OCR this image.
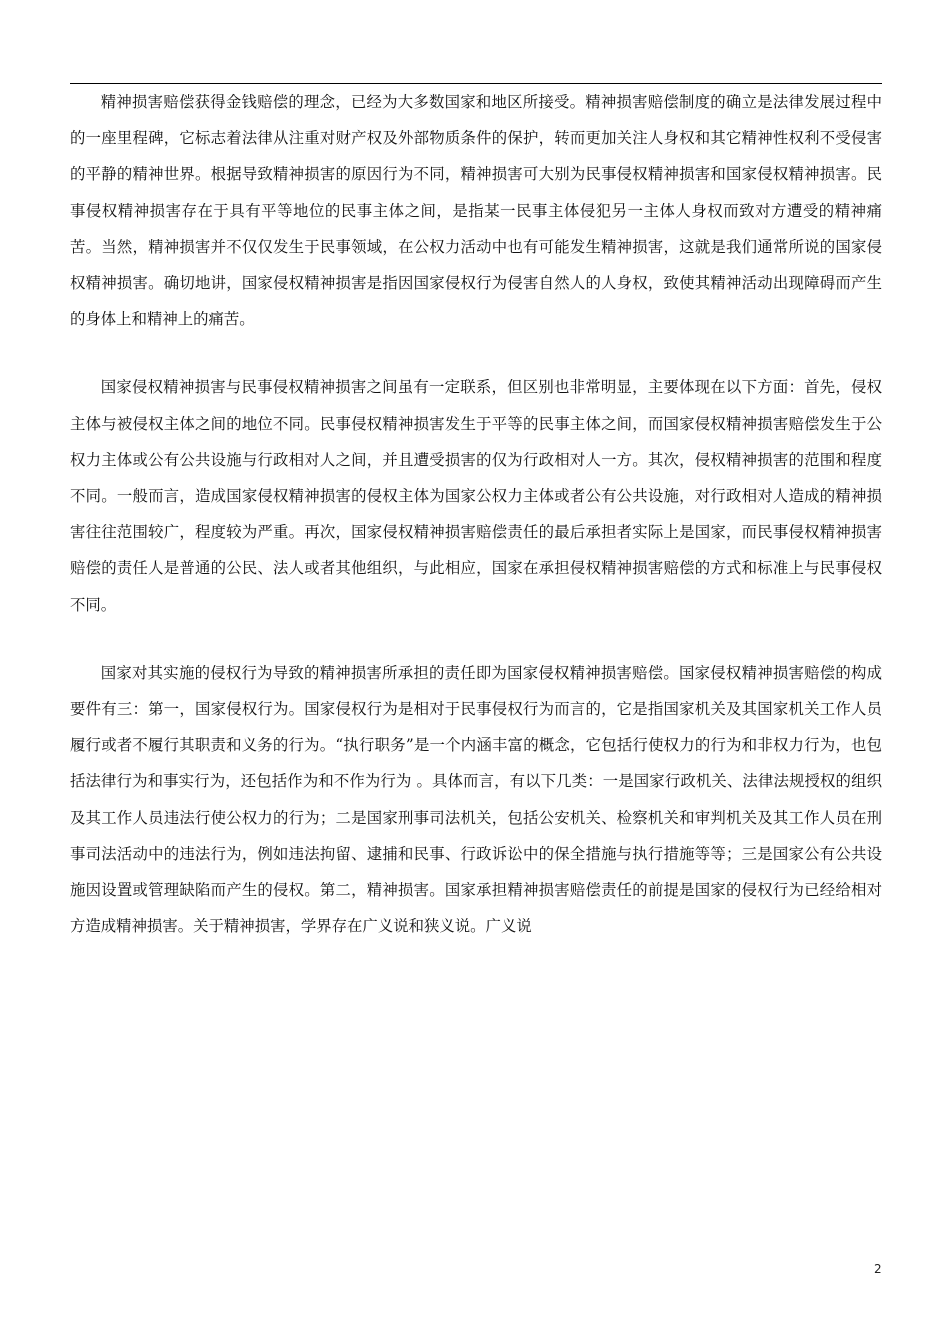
精神损害赔偿获得金钱赔偿的理念，已经为大多数国家和地区所接受。精神损害赔偿制度的确立是法律发展过程中的一座里程碑，它标志着法律从注重对财产权及外部物质条件的保护，转而更加关注人身权和其它精神性权利不受侵害的平静的精神世界。根据导致精神损害的原因行为不同，精神损害可大别为民事侵权精神损害和国家侵权精神损害。民事侵权精神损害存在于具有平等地位的民事主体之间，是指某一民事主体侵犯另一主体人身权而致对方遭受的精神痛苦。当然，精神损害并不仅仅发生于民事领域，在公权力活动中也有可能发生精神损害，这就是我们通常所说的国家侵权精神损害。确切地讲，国家侵权精神损害是指因国家侵权行为侵害自然人的人身权，致使其精神活动出现障碍而产生的身体上和精神上的痛苦。

国家侵权精神损害与民事侵权精神损害之间虽有一定联系，但区别也非常明显，主要体现在以下方面：首先，侵权主体与被侵权主体之间的地位不同。民事侵权精神损害发生于平等的民事主体之间，而国家侵权精神损害赔偿发生于公权力主体或公有公共设施与行政相对人之间，并且遭受损害的仅为行政相对人一方。其次，侵权精神损害的范围和程度不同。一般而言，造成国家侵权精神损害的侵权主体为国家公权力主体或者公有公共设施，对行政相对人造成的精神损害往往范围较广，程度较为严重。再次，国家侵权精神损害赔偿责任的最后承担者实际上是国家，而民事侵权精神损害赔偿的责任人是普通的公民、法人或者其他组织，与此相应，国家在承担侵权精神损害赔偿的方式和标准上与民事侵权不同。

国家对其实施的侵权行为导致的精神损害所承担的责任即为国家侵权精神损害赔偿。国家侵权精神损害赔偿的构成要件有三：第一，国家侵权行为。国家侵权行为是相对于民事侵权行为而言的，它是指国家机关及其国家机关工作人员履行或者不履行其职责和义务的行为。“执行职务”是一个内涵丰富的概念，它包括行使权力的行为和非权力行为，也包括法律行为和事实行为，还包括作为和不作为行为 。具体而言，有以下几类：一是国家行政机关、法律法规授权的组织及其工作人员违法行使公权力的行为；二是国家刑事司法机关，包括公安机关、检察机关和审判机关及其工作人员在刑事司法活动中的违法行为，例如违法拘留、逮捕和民事、行政诉讼中的保全措施与执行措施等等；三是国家公有公共设施因设置或管理缺陷而产生的侵权。第二，精神损害。国家承担精神损害赔偿责任的前提是国家的侵权行为已经给相对方造成精神损害。关于精神损害，学界存在广义说和狭义说。广义说

2
